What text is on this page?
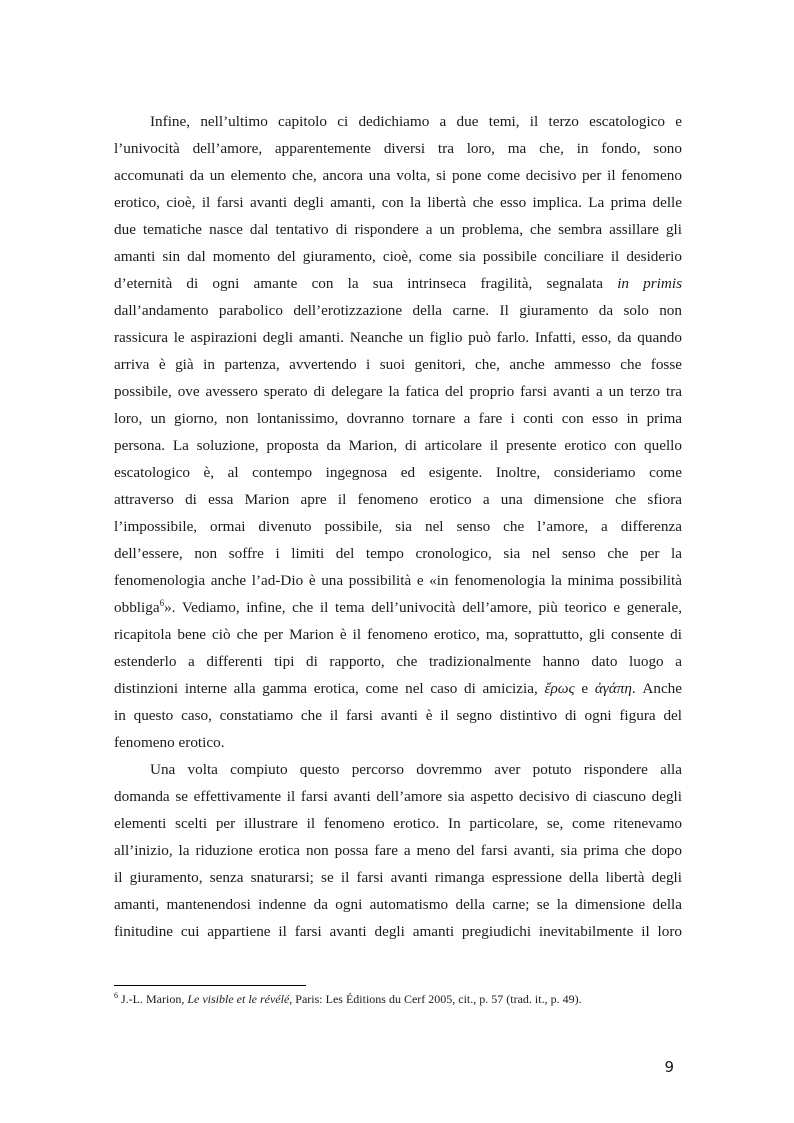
Infine, nell’ultimo capitolo ci dedichiamo a due temi, il terzo escatologico e
l’univocità dell’amore, apparentemente diversi tra loro, ma che, in fondo, sono
accomunati da un elemento che, ancora una volta, si pone come decisivo per il fenomeno
erotico, cioè, il farsi avanti degli amanti, con la libertà che esso implica. La prima delle
due tematiche nasce dal tentativo di rispondere a un problema, che sembra assillare gli
amanti sin dal momento del giuramento, cioè, come sia possibile conciliare il desiderio
d’eternità di ogni amante con la sua intrinseca fragilità, segnalata in primis
dall’andamento parabolico dell’erotizzazione della carne. Il giuramento da solo non
rassicura le aspirazioni degli amanti. Neanche un figlio può farlo. Infatti, esso, da quando
arriva è già in partenza, avvertendo i suoi genitori, che, anche ammesso che fosse
possibile, ove avessero sperato di delegare la fatica del proprio farsi avanti a un terzo tra
loro, un giorno, non lontanissimo, dovranno tornare a fare i conti con esso in prima
persona. La soluzione, proposta da Marion, di articolare il presente erotico con quello
escatologico è, al contempo ingegnosa ed esigente. Inoltre, consideriamo come
attraverso di essa Marion apre il fenomeno erotico a una dimensione che sfiora
l’impossibile, ormai divenuto possibile, sia nel senso che l’amore, a differenza
dell’essere, non soffre i limiti del tempo cronologico, sia nel senso che per la
fenomenologia anche l’ad-Dio è una possibilità e «in fenomenologia la minima possibilità
obbliga$^6$». Vediamo, infine, che il tema dell’univocità dell’amore, più teorico e generale,
ricapitola bene ciò che per Marion è il fenomeno erotico, ma, soprattutto, gli consente di
estenderlo a differenti tipi di rapporto, che tradizionalmente hanno dato luogo a
distinzioni interne alla gamma erotica, come nel caso di amicizia, ἔρως e ἀγάπη. Anche
in questo caso, constatiamo che il farsi avanti è il segno distintivo di ogni figura del
fenomeno erotico.
Una volta compiuto questo percorso dovremmo aver potuto rispondere alla
domanda se effettivamente il farsi avanti dell’amore sia aspetto decisivo di ciascuno degli
elementi scelti per illustrare il fenomeno erotico. In particolare, se, come ritenevamo
all’inizio, la riduzione erotica non possa fare a meno del farsi avanti, sia prima che dopo
il giuramento, senza snaturarsi; se il farsi avanti rimanga espressione della libertà degli
amanti, mantenendosi indenne da ogni automatismo della carne; se la dimensione della
finitudine cui appartiene il farsi avanti degli amanti pregiudichi inevitabilmente il loro
$^6$ J.-L. Marion, Le visible et le révélé, Paris: Les Éditions du Cerf 2005, cit., p. 57 (trad. it., p. 49).
9
